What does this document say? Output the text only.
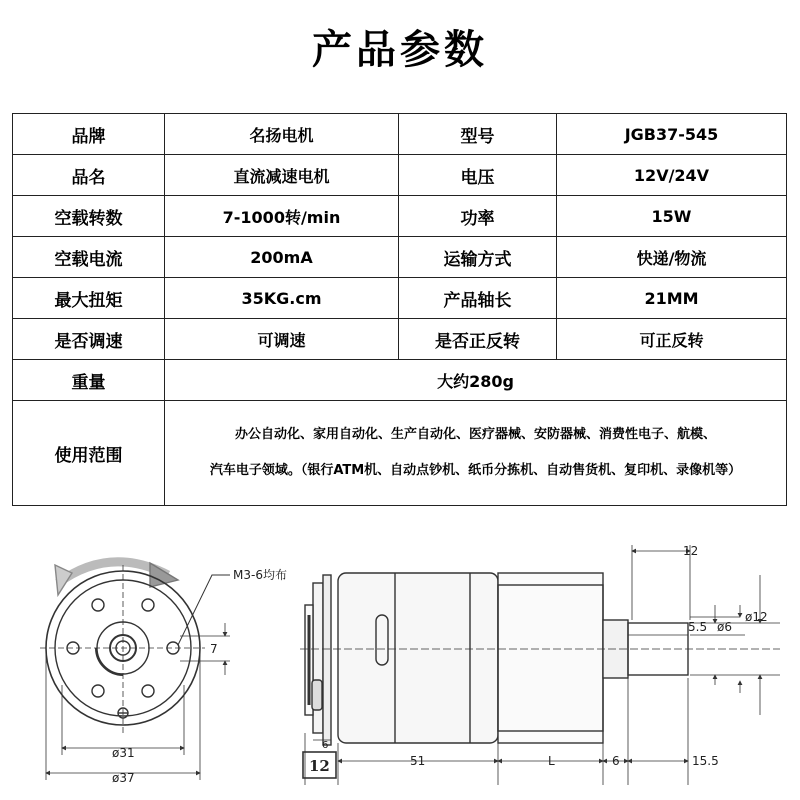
产品参数
品牌	名扬电机	型号	JGB37-545
品名	直流减速电机	电压	12V/24V
空载转数	7-1000转/min	功率	15W
空载电流	200mA	运输方式	快递/物流
最大扭矩	35KG.cm	产品轴长	21MM
是否调速	可调速	是否正反转	可正反转
重量	大约280g		
使用范围	办公自动化、家用自动化、生产自动化、医疗器械、安防器械、消费性电子、航模、
汽车电子领域。（银行ATM机、自动点钞机、纸币分拣机、自动售货机、复印机、录像机等）		
M3-6均布
7
ø31
ø37
12
5.5 ø6
ø12
6
12	51	L	6	15.5
